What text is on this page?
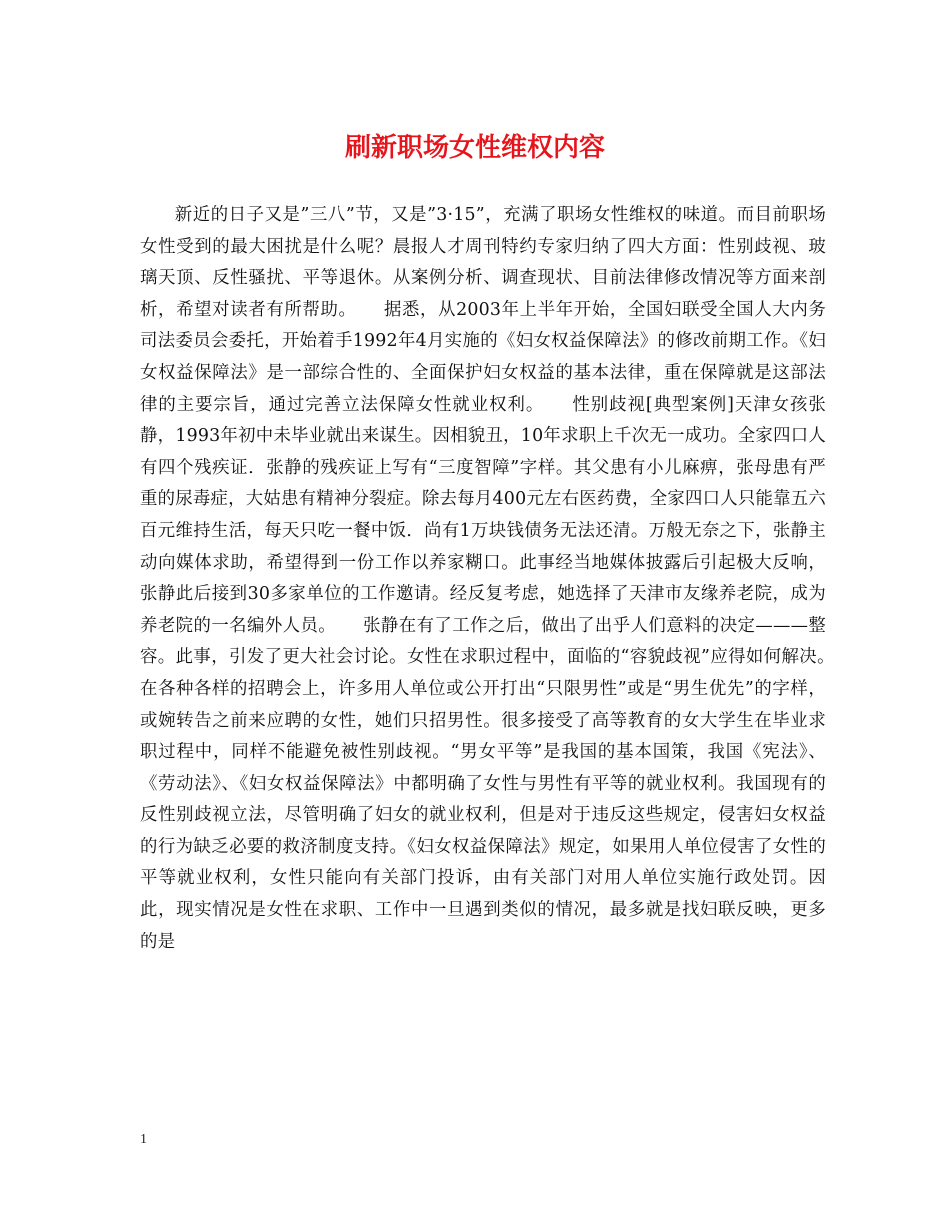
刷新职场女性维权内容

新近的日子又是”三八”节，又是”3·15”，充满了职场女性维权的味道。而目前职场女性受到的最大困扰是什么呢？晨报人才周刊特约专家归纳了四大方面：性别歧视、玻璃天顶、反性骚扰、平等退休。从案例分析、调查现状、目前法律修改情况等方面来剖析，希望对读者有所帮助。　　据悉，从2003年上半年开始，全国妇联受全国人大内务司法委员会委托，开始着手1992年4月实施的《妇女权益保障法》的修改前期工作。《妇女权益保障法》是一部综合性的、全面保护妇女权益的基本法律，重在保障就是这部法律的主要宗旨，通过完善立法保障女性就业权利。　　性别歧视[典型案例]天津女孩张静，1993年初中未毕业就出来谋生。因相貌丑，10年求职上千次无一成功。全家四口人有四个残疾证．张静的残疾证上写有“三度智障”字样。其父患有小儿麻痹，张母患有严重的尿毒症，大姑患有精神分裂症。除去每月400元左右医药费，全家四口人只能靠五六百元维持生活，每天只吃一餐中饭．尚有1万块钱债务无法还清。万般无奈之下，张静主动向媒体求助，希望得到一份工作以养家糊口。此事经当地媒体披露后引起极大反响，张静此后接到30多家单位的工作邀请。经反复考虑，她选择了天津市友缘养老院，成为养老院的一名编外人员。　　张静在有了工作之后，做出了出乎人们意料的决定———整容。此事，引发了更大社会讨论。女性在求职过程中，面临的“容貌歧视”应得如何解决。　　在各种各样的招聘会上，许多用人单位或公开打出“只限男性”或是“男生优先”的字样，或婉转告之前来应聘的女性，她们只招男性。很多接受了高等教育的女大学生在毕业求职过程中，同样不能避免被性别歧视。“男女平等”是我国的基本国策，我国《宪法》、《劳动法》、《妇女权益保障法》中都明确了女性与男性有平等的就业权利。我国现有的反性别歧视立法，尽管明确了妇女的就业权利，但是对于违反这些规定，侵害妇女权益的行为缺乏必要的救济制度支持。《妇女权益保障法》规定，如果用人单位侵害了女性的平等就业权利，女性只能向有关部门投诉，由有关部门对用人单位实施行政处罚。因此，现实情况是女性在求职、工作中一旦遇到类似的情况，最多就是找妇联反映，更多的是

1
